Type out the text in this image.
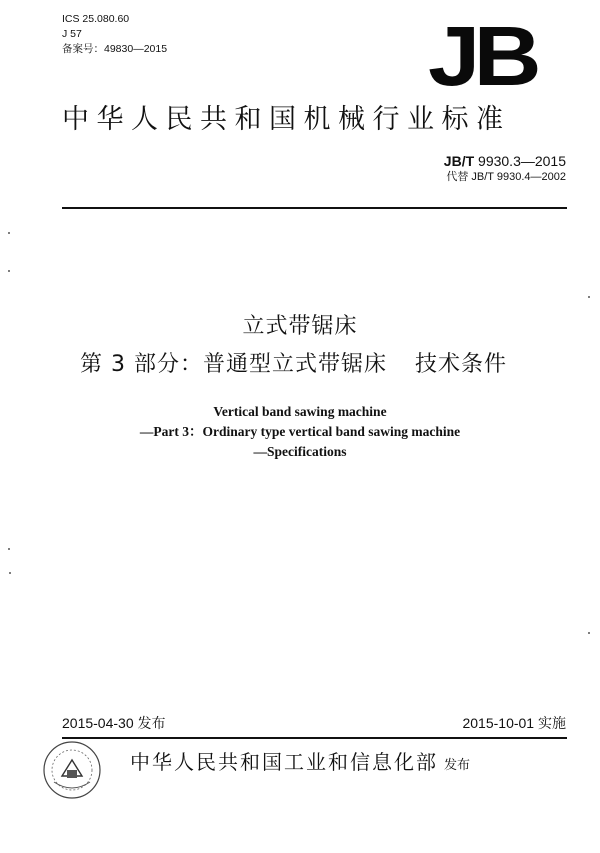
ICS 25.080.60
J 57
备案号：49830—2015	JB
中华人民共和国机械行业标准
JB/T 9930.3—2015
代替 JB/T 9930.4—2002
立式带锯床
第 3 部分：普通型立式带锯床 技术条件
Vertical band sawing machine
—Part 3：Ordinary type vertical band sawing machine
—Specifications
2015-04-30 发布	2015-10-01 实施
中华人民共和国工业和信息化部 发布
